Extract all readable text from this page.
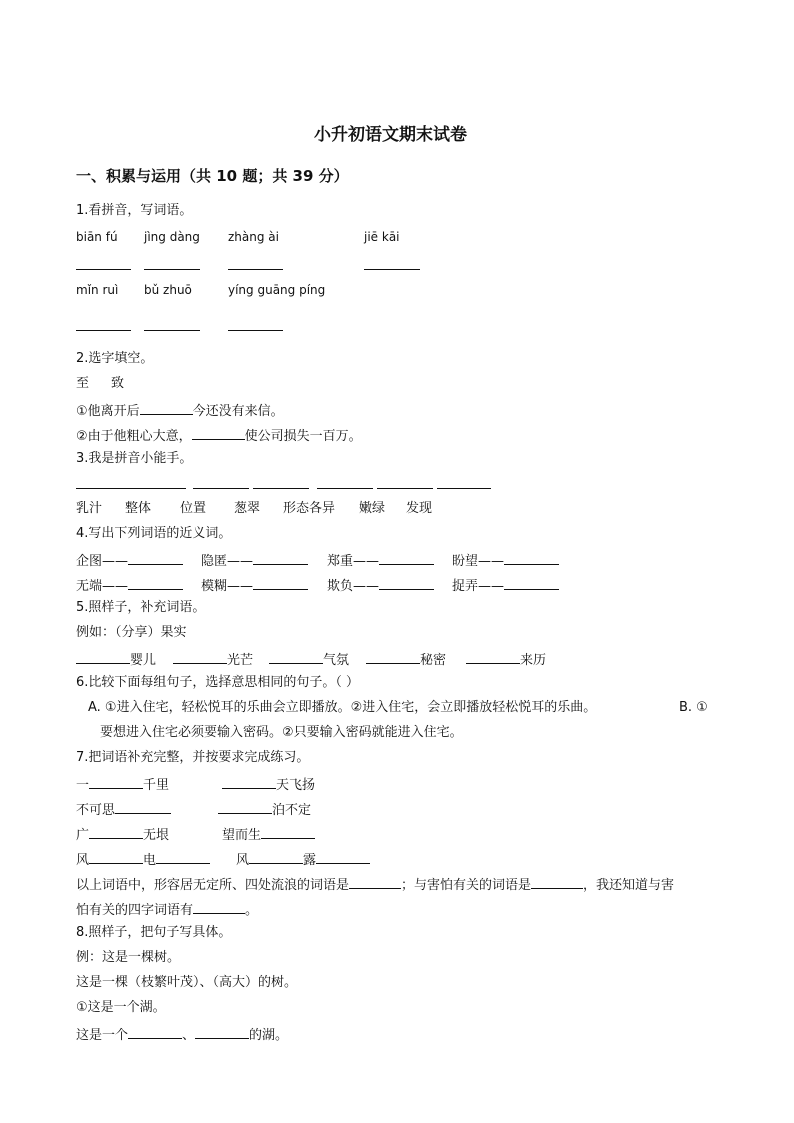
小升初语文期末试卷
一、积累与运用（共 10 题；共 39 分）
1.看拼音，写词语。
biān fú jìng dàng zhàng ài	jiē kāi
mǐn ruì bǔ zhuō	yíng guāng píng
2.选字填空。
至 致
①他离开后	今还没有来信。
②由于他粗心大意，	使公司损失一百万。
3.我是拼音小能手。
乳汁 整体 位置 葱翠 形态各异 嫩绿 发现
4.写出下列词语的近义词。
企图——	隐匿——	郑重——	盼望——
无端——	模糊——	欺负——	捉弄——
5.照样子，补充词语。
例如：（分享）果实
婴儿	光芒	气氛	秘密	来历
6.比较下面每组句子，选择意思相同的句子。（ ）
A. ①进入住宅，轻松悦耳的乐曲会立即播放。②进入住宅，会立即播放轻松悦耳的乐曲。	B. ①
要想进入住宅必须要输入密码。②只要输入密码就能进入住宅。
7.把词语补充完整，并按要求完成练习。
一	千里	天飞扬
不可思	泊不定
广	无垠	望而生
风	电	风	露
以上词语中，形容居无定所、四处流浪的词语是	；与害怕有关的词语是	，我还知道与害
怕有关的四字词语有	。
8.照样子，把句子写具体。
例：这是一棵树。
这是一棵（枝繁叶茂）、（高大）的树。
①这是一个湖。
这是一个	、	的湖。
